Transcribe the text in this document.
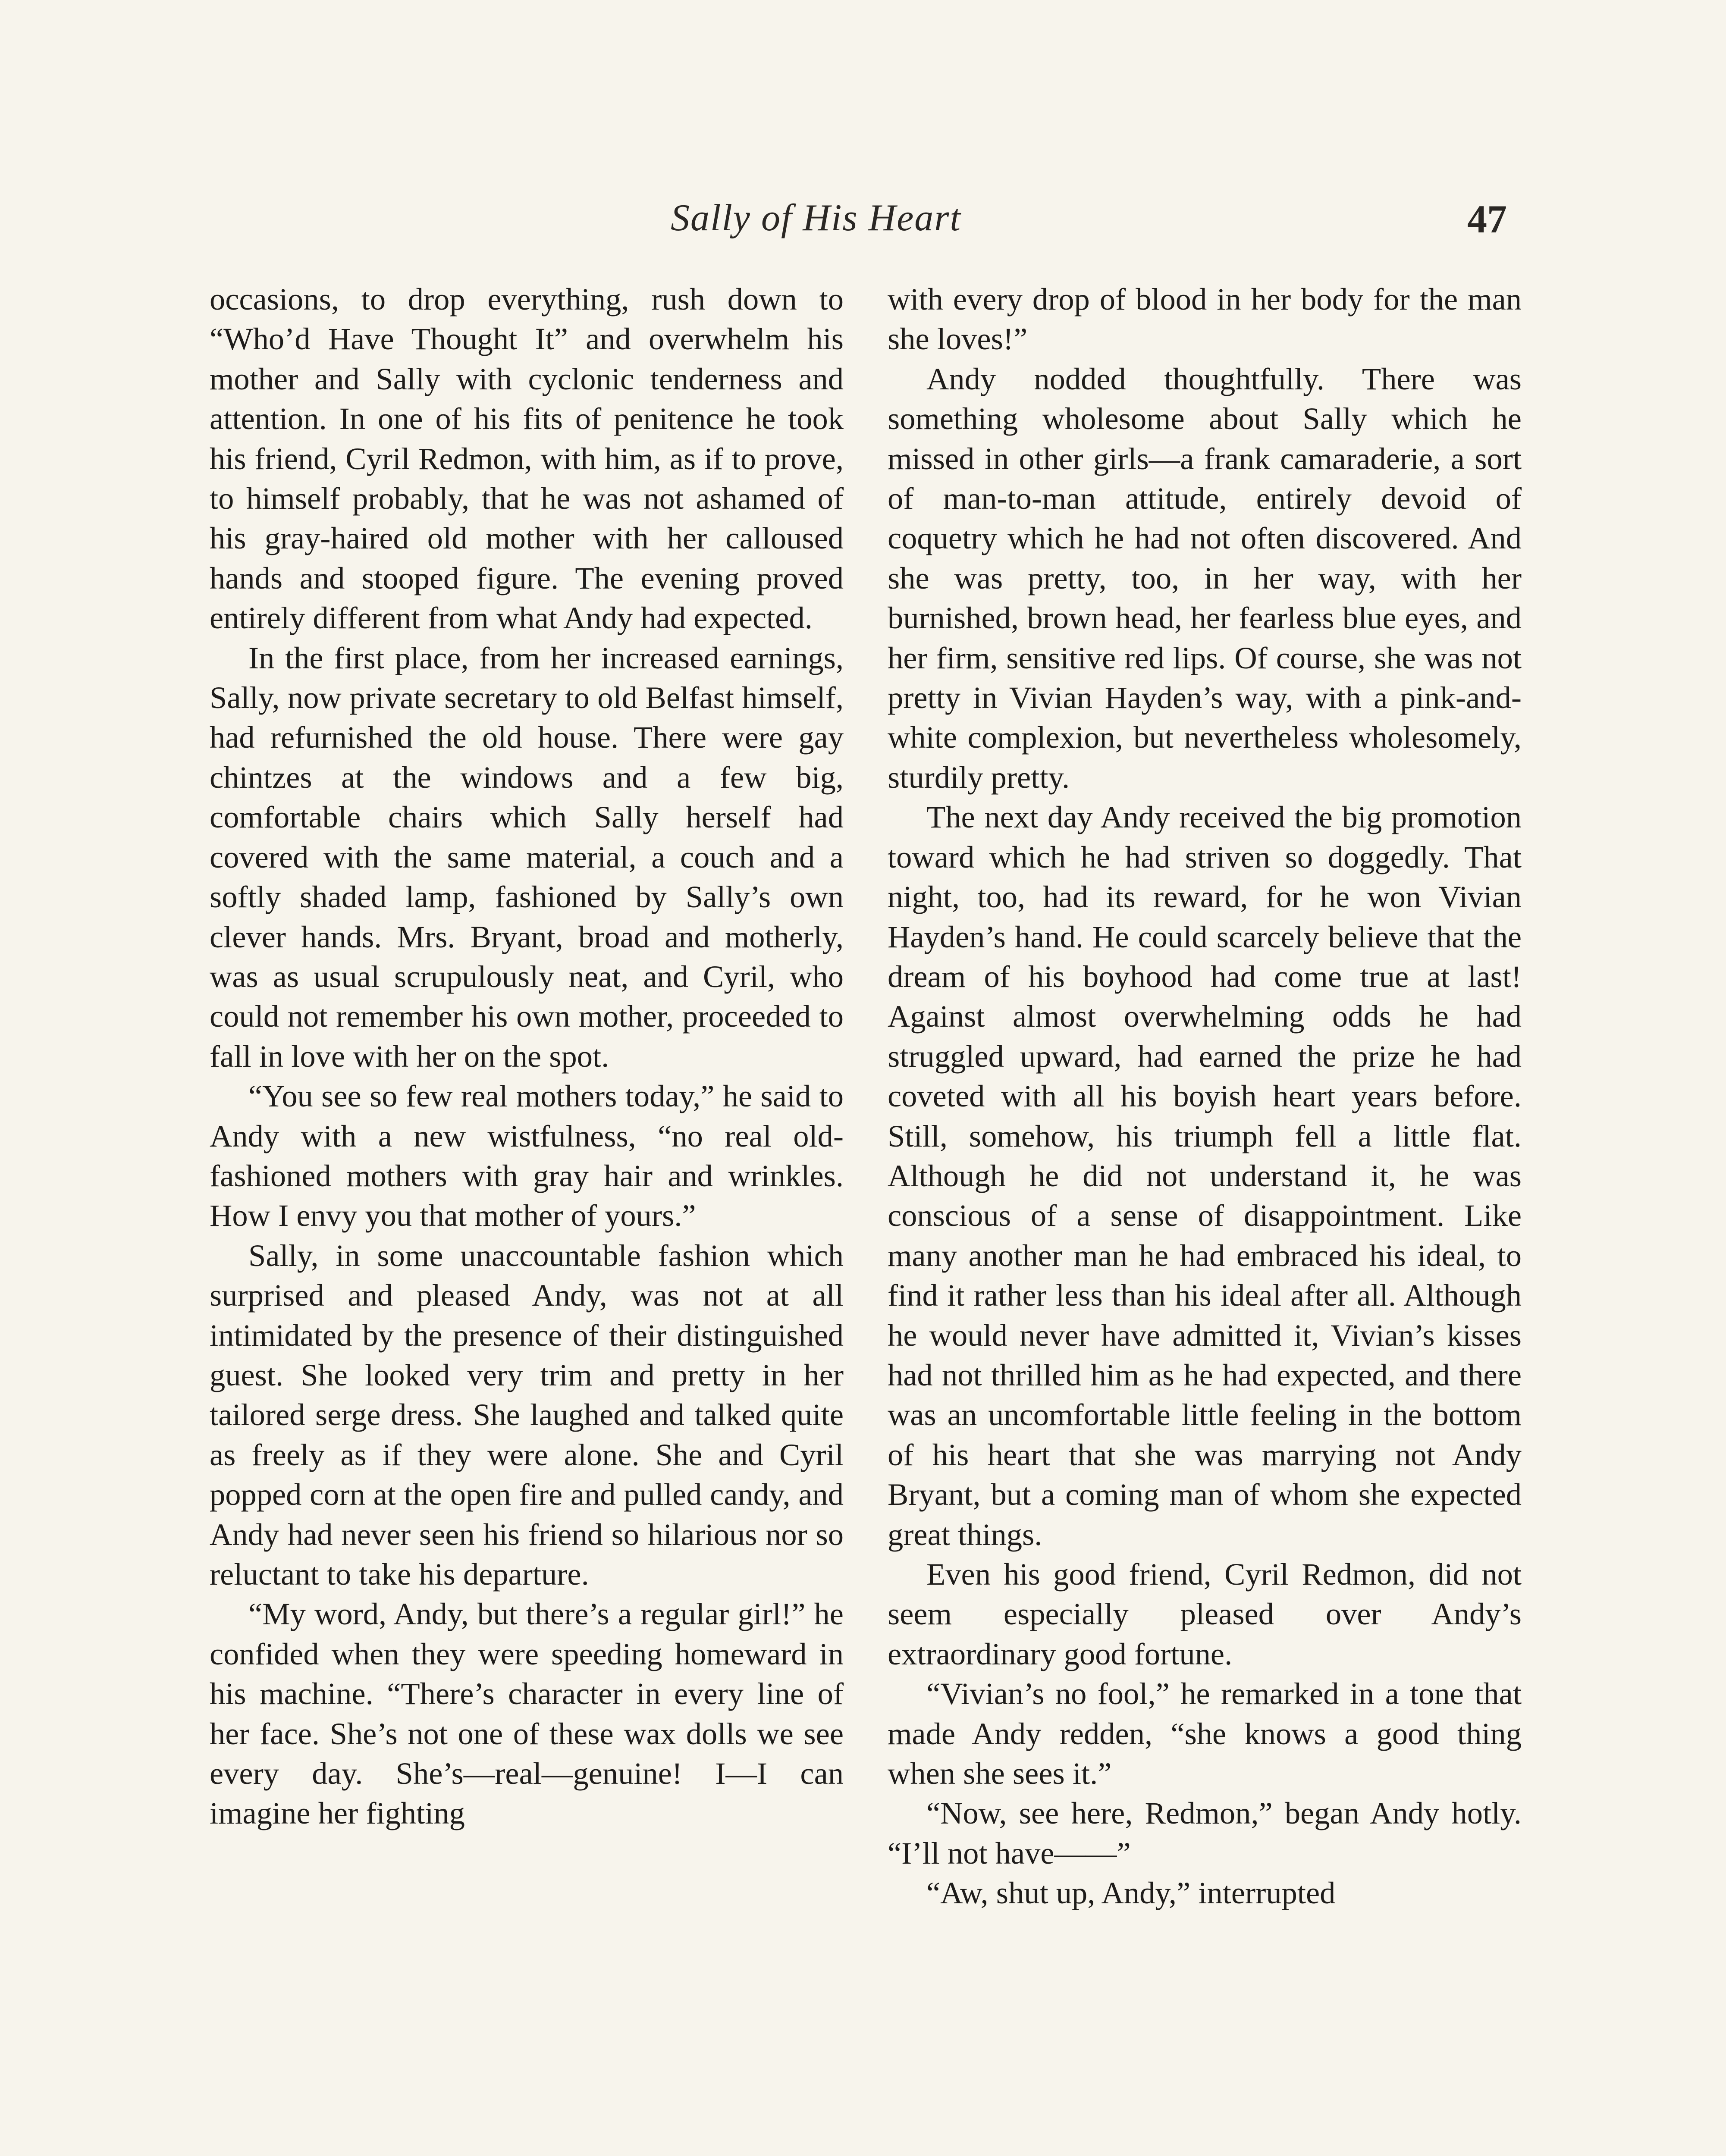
Sally of His Heart	47

occasions, to drop everything, rush down to “Who’d Have Thought It” and overwhelm his mother and Sally with cyclonic tenderness and attention. In one of his fits of penitence he took his friend, Cyril Redmon, with him, as if to prove, to himself probably, that he was not ashamed of his gray-haired old mother with her calloused hands and stooped figure. The evening proved entirely different from what Andy had expected.

In the first place, from her increased earnings, Sally, now private secretary to old Belfast himself, had refurnished the old house. There were gay chintzes at the windows and a few big, comfortable chairs which Sally herself had covered with the same material, a couch and a softly shaded lamp, fashioned by Sally’s own clever hands. Mrs. Bryant, broad and motherly, was as usual scrupulously neat, and Cyril, who could not remember his own mother, proceeded to fall in love with her on the spot.

“You see so few real mothers today,” he said to Andy with a new wistfulness, “no real old-fashioned mothers with gray hair and wrinkles. How I envy you that mother of yours.”

Sally, in some unaccountable fashion which surprised and pleased Andy, was not at all intimidated by the presence of their distinguished guest. She looked very trim and pretty in her tailored serge dress. She laughed and talked quite as freely as if they were alone. She and Cyril popped corn at the open fire and pulled candy, and Andy had never seen his friend so hilarious nor so reluctant to take his departure.

“My word, Andy, but there’s a regular girl!” he confided when they were speeding homeward in his machine. “There’s character in every line of her face. She’s not one of these wax dolls we see every day. She’s—real—genuine! I—I can imagine her fighting

with every drop of blood in her body for the man she loves!”

Andy nodded thoughtfully. There was something wholesome about Sally which he missed in other girls—a frank camaraderie, a sort of man-to-man attitude, entirely devoid of coquetry which he had not often discovered. And she was pretty, too, in her way, with her burnished, brown head, her fearless blue eyes, and her firm, sensitive red lips. Of course, she was not pretty in Vivian Hayden’s way, with a pink-and-white complexion, but nevertheless wholesomely, sturdily pretty.

The next day Andy received the big promotion toward which he had striven so doggedly. That night, too, had its reward, for he won Vivian Hayden’s hand. He could scarcely believe that the dream of his boyhood had come true at last! Against almost overwhelming odds he had struggled upward, had earned the prize he had coveted with all his boyish heart years before. Still, somehow, his triumph fell a little flat. Although he did not understand it, he was conscious of a sense of disappointment. Like many another man he had embraced his ideal, to find it rather less than his ideal after all. Although he would never have admitted it, Vivian’s kisses had not thrilled him as he had expected, and there was an uncomfortable little feeling in the bottom of his heart that she was marrying not Andy Bryant, but a coming man of whom she expected great things.

Even his good friend, Cyril Redmon, did not seem especially pleased over Andy’s extraordinary good fortune.

“Vivian’s no fool,” he remarked in a tone that made Andy redden, “she knows a good thing when she sees it.”

“Now, see here, Redmon,” began Andy hotly. “I’ll not have——”

“Aw, shut up, Andy,” interrupted
